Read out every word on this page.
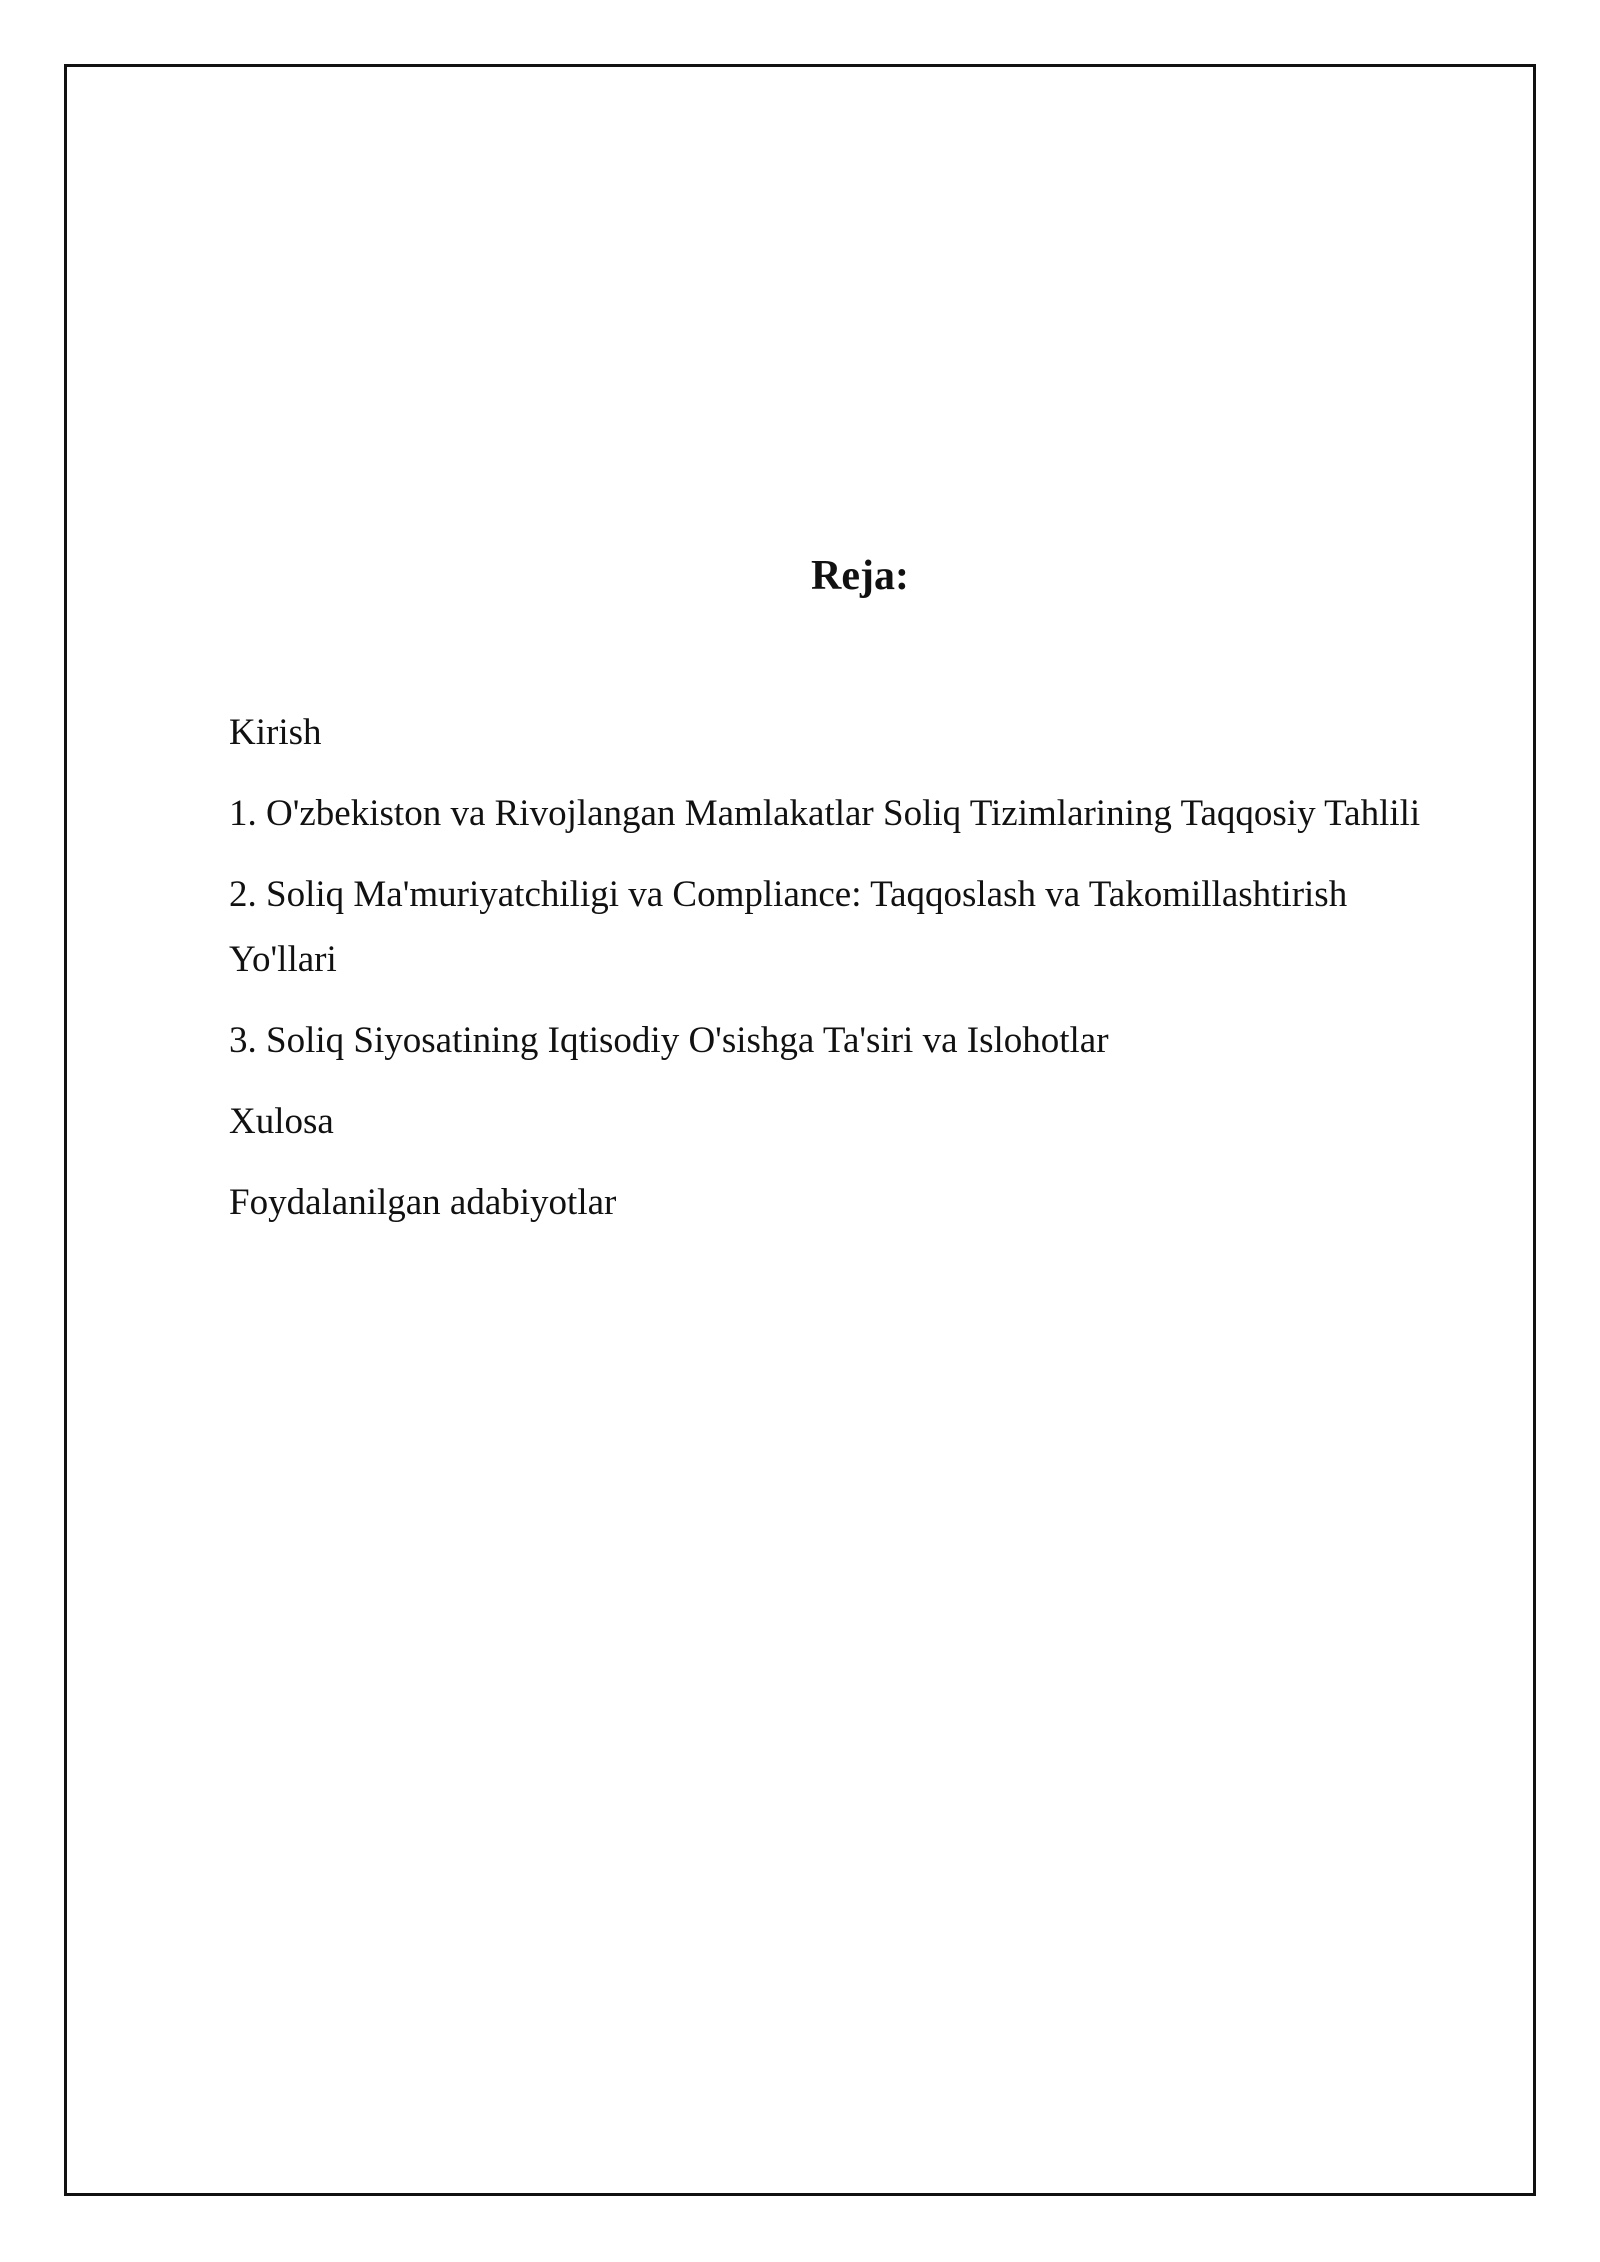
Reja:

Kirish

1. O'zbekiston va Rivojlangan Mamlakatlar Soliq Tizimlarining Taqqosiy Tahlili

2. Soliq Ma'muriyatchiligi va Compliance: Taqqoslash va Takomillashtirish Yo'llari

3. Soliq Siyosatining Iqtisodiy O'sishga Ta'siri va Islohotlar

Xulosa

Foydalanilgan adabiyotlar
